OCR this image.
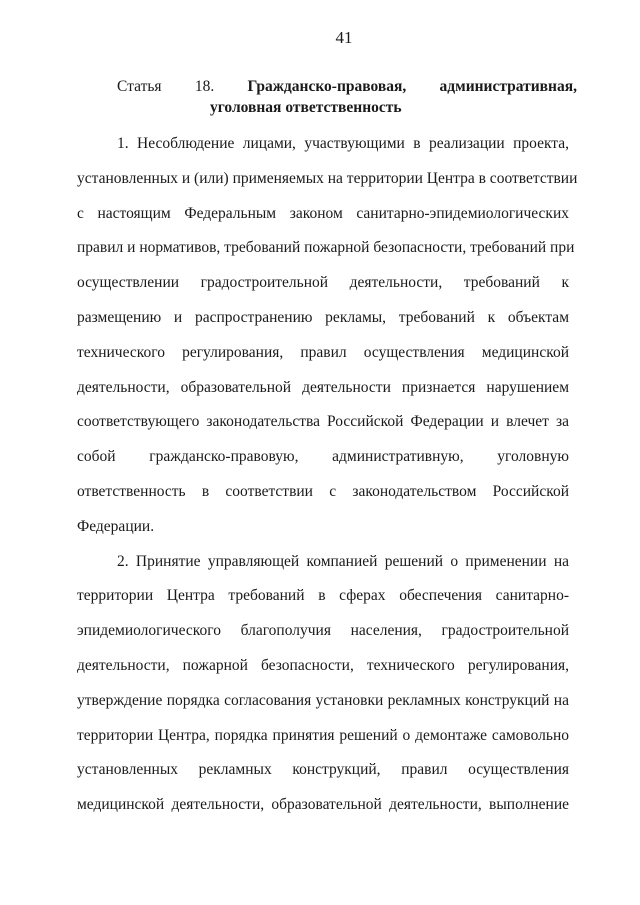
41
Статья 18. Гражданско-правовая, административная,
уголовная ответственность
1. Несоблюдение лицами, участвующими в реализации проекта,
установленных и (или) применяемых на территории Центра в соответствии
с настоящим Федеральным законом санитарно-эпидемиологических
правил и нормативов, требований пожарной безопасности, требований при
осуществлении градостроительной деятельности, требований к
размещению и распространению рекламы, требований к объектам
технического регулирования, правил осуществления медицинской
деятельности, образовательной деятельности признается нарушением
соответствующего законодательства Российской Федерации и влечет за
собой гражданско-правовую, административную, уголовную
ответственность в соответствии с законодательством Российской
Федерации.
2. Принятие управляющей компанией решений о применении на
территории Центра требований в сферах обеспечения санитарно-
эпидемиологического благополучия населения, градостроительной
деятельности, пожарной безопасности, технического регулирования,
утверждение порядка согласования установки рекламных конструкций на
территории Центра, порядка принятия решений о демонтаже самовольно
установленных рекламных конструкций, правил осуществления
медицинской деятельности, образовательной деятельности, выполнение
